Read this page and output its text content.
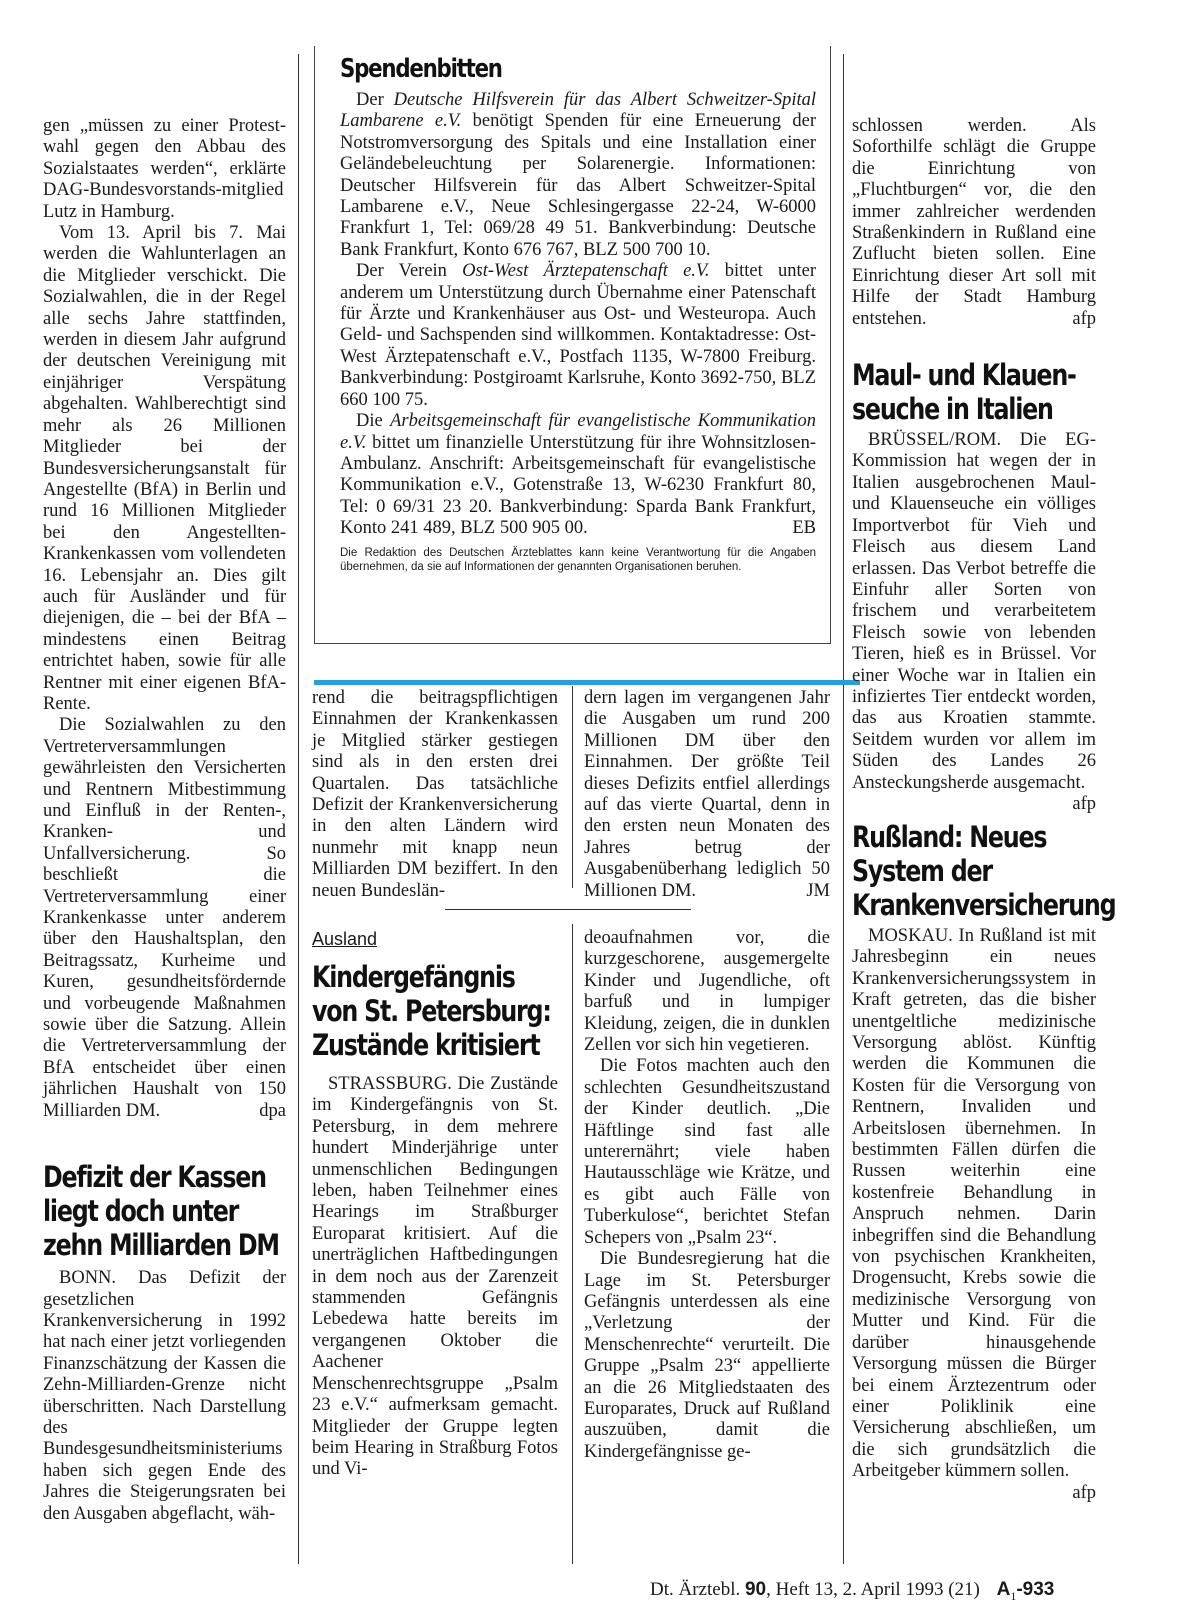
gen „müssen zu einer Protest-wahl gegen den Abbau des Sozialstaates werden“, erklärte DAG-Bundesvorstands-mitglied Lutz in Hamburg.

Vom 13. April bis 7. Mai werden die Wahlunterlagen an die Mitglieder verschickt. Die Sozialwahlen, die in der Regel alle sechs Jahre stattfinden, werden in diesem Jahr aufgrund der deutschen Vereinigung mit einjähriger Verspätung abgehalten. Wahlberechtigt sind mehr als 26 Millionen Mitglieder bei der Bundesversicherungsanstalt für Angestellte (BfA) in Berlin und rund 16 Millionen Mitglieder bei den Angestellten-Krankenkassen vom vollendeten 16. Lebensjahr an. Dies gilt auch für Ausländer und für diejenigen, die – bei der BfA – mindestens einen Beitrag entrichtet haben, sowie für alle Rentner mit einer eigenen BfA-Rente.

Die Sozialwahlen zu den Vertreterversammlungen gewährleisten den Versicherten und Rentnern Mitbestimmung und Einfluß in der Renten-, Kranken- und Unfallversicherung. So beschließt die Vertreterversammlung einer Krankenkasse unter anderem über den Haushaltsplan, den Beitragssatz, Kurheime und Kuren, gesundheitsfördernde und vorbeugende Maßnahmen sowie über die Satzung. Allein die Vertreterversammlung der BfA entscheidet über einen jährlichen Haushalt von 150 Milliarden DM.	dpa

Defizit der Kassen

liegt doch unter

zehn Milliarden DM

BONN. Das Defizit der gesetzlichen Krankenversicherung in 1992 hat nach einer jetzt vorliegenden Finanzschätzung der Kassen die Zehn-Milliarden-Grenze nicht überschritten. Nach Darstellung des Bundesgesundheitsministeriums haben sich gegen Ende des Jahres die Steigerungsraten bei den Ausgaben abgeflacht, wäh-

Spendenbitten

Der Deutsche Hilfsverein für das Albert Schweitzer-Spital Lambarene e.V. benötigt Spenden für eine Erneuerung der Notstromversorgung des Spitals und eine Installation einer Geländebeleuchtung per Solarenergie. Informationen: Deutscher Hilfsverein für das Albert Schweitzer-Spital Lambarene e.V., Neue Schlesingergasse 22-24, W-6000 Frankfurt 1, Tel: 069/28 49 51. Bankverbindung: Deutsche Bank Frankfurt, Konto 676 767, BLZ 500 700 10.

Der Verein Ost-West Ärztepatenschaft e.V. bittet unter anderem um Unterstützung durch Übernahme einer Patenschaft für Ärzte und Krankenhäuser aus Ost- und Westeuropa. Auch Geld- und Sachspenden sind willkommen. Kontaktadresse: Ost-West Ärztepatenschaft e.V., Postfach 1135, W-7800 Freiburg. Bankverbindung: Postgiroamt Karlsruhe, Konto 3692-750, BLZ 660 100 75.

Die Arbeitsgemeinschaft für evangelistische Kommunikation e.V. bittet um finanzielle Unterstützung für ihre Wohnsitzlosen-Ambulanz. Anschrift: Arbeitsgemeinschaft für evangelistische Kommunikation e.V., Gotenstraße 13, W-6230 Frankfurt 80, Tel: 0 69/31 23 20. Bankverbindung: Sparda Bank Frankfurt, Konto 241 489, BLZ 500 905 00.	EB

Die Redaktion des Deutschen Ärzteblattes kann keine Verantwortung für die Angaben übernehmen, da sie auf Informationen der genannten Organisationen beruhen.

rend die beitragspflichtigen Einnahmen der Krankenkassen je Mitglied stärker gestiegen sind als in den ersten drei Quartalen. Das tatsächliche Defizit der Krankenversicherung in den alten Ländern wird nunmehr mit knapp neun Milliarden DM beziffert. In den neuen Bundeslän-

dern lagen im vergangenen Jahr die Ausgaben um rund 200 Millionen DM über den Einnahmen. Der größte Teil dieses Defizits entfiel allerdings auf das vierte Quartal, denn in den ersten neun Monaten des Jahres betrug der Ausgabenüberhang lediglich 50 Millionen DM.	JM

Ausland

Kindergefängnis

von St. Petersburg:

Zustände kritisiert

STRASSBURG. Die Zustände im Kindergefängnis von St. Petersburg, in dem mehrere hundert Minderjährige unter unmenschlichen Bedingungen leben, haben Teilnehmer eines Hearings im Straßburger Europarat kritisiert. Auf die unerträglichen Haftbedingungen in dem noch aus der Zarenzeit stammenden Gefängnis Lebedewa hatte bereits im vergangenen Oktober die Aachener Menschenrechtsgruppe „Psalm 23 e.V.“ aufmerksam gemacht. Mitglieder der Gruppe legten beim Hearing in Straßburg Fotos und Vi-

deoaufnahmen vor, die kurzgeschorene, ausgemergelte Kinder und Jugendliche, oft barfuß und in lumpiger Kleidung, zeigen, die in dunklen Zellen vor sich hin vegetieren.

Die Fotos machten auch den schlechten Gesundheitszustand der Kinder deutlich. „Die Häftlinge sind fast alle unterernährt; viele haben Hautausschläge wie Krätze, und es gibt auch Fälle von Tuberkulose“, berichtet Stefan Schepers von „Psalm 23“.

Die Bundesregierung hat die Lage im St. Petersburger Gefängnis unterdessen als eine „Verletzung der Menschenrechte“ verurteilt. Die Gruppe „Psalm 23“ appellierte an die 26 Mitgliedstaaten des Europarates, Druck auf Rußland auszuüben, damit die Kindergefängnisse ge-

schlossen werden. Als Soforthilfe schlägt die Gruppe die Einrichtung von „Fluchtburgen“ vor, die den immer zahlreicher werdenden Straßenkindern in Rußland eine Zuflucht bieten sollen. Eine Einrichtung dieser Art soll mit Hilfe der Stadt Hamburg entstehen.	afp

Maul- und Klauen-

seuche in Italien

BRÜSSEL/ROM. Die EG-Kommission hat wegen der in Italien ausgebrochenen Maul- und Klauenseuche ein völliges Importverbot für Vieh und Fleisch aus diesem Land erlassen. Das Verbot betreffe die Einfuhr aller Sorten von frischem und verarbeitetem Fleisch sowie von lebenden Tieren, hieß es in Brüssel. Vor einer Woche war in Italien ein infiziertes Tier entdeckt worden, das aus Kroatien stammte. Seitdem wurden vor allem im Süden des Landes 26 Ansteckungsherde ausgemacht.
afp

Rußland: Neues

System der

Krankenversicherung

MOSKAU. In Rußland ist mit Jahresbeginn ein neues Krankenversicherungssystem in Kraft getreten, das die bisher unentgeltliche medizinische Versorgung ablöst. Künftig werden die Kommunen die Kosten für die Versorgung von Rentnern, Invaliden und Arbeitslosen übernehmen. In bestimmten Fällen dürfen die Russen weiterhin eine kostenfreie Behandlung in Anspruch nehmen. Darin inbegriffen sind die Behandlung von psychischen Krankheiten, Drogensucht, Krebs sowie die medizinische Versorgung von Mutter und Kind. Für die darüber hinausgehende Versorgung müssen die Bürger bei einem Ärztezentrum oder einer Poliklinik eine Versicherung abschließen, um die sich grundsätzlich die Arbeitgeber kümmern sollen.
afp

Dt. Ärztebl. 90, Heft 13, 2. April 1993 (21) $A_1-933$
